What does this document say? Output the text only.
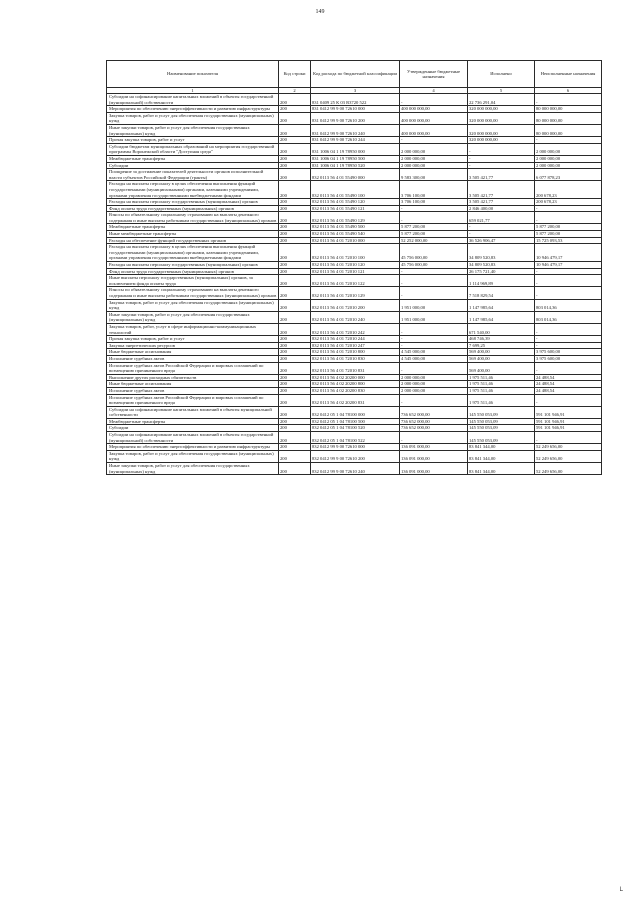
149
Наименование показателя	Код строки	Код расхода по бюджетной классификации	Утвержденные бюджетные назначения	Исполнено	Неисполненные назначения
1	2	3	4	5	6
Субсидии на софинансирование капитальных вложений в объекты государственной (муниципальной) собственности	200	831 0409 25 К 03 R3720 522	-	22 736 291,04	-
Мероприятия по обеспечению энергоэффективности и развитию инфраструктуры	200	831 0412 99 9 00 72610 000	400 000 000,00	320 000 000,00	80 000 000,00
Закупка товаров, работ и услуг для обеспечения государственных (муниципальных) нужд	200	831 0412 99 9 00 72610 200	400 000 000,00	320 000 000,00	80 000 000,00
Иные закупки товаров, работ и услуг для обеспечения государственных (муниципальных) нужд	200	831 0412 99 9 00 72610 240	400 000 000,00	320 000 000,00	80 000 000,00
Прочая закупка товаров, работ и услуг	200	831 0412 99 9 00 72610 244	-	320 000 000,00	-
Субсидии бюджетам муниципальных образований на мероприятия государственной программы Воронежской области "Доступная среда"	200	831 1006 04 1 19 78950 000	2 000 000,00	-	2 000 000,00
Межбюджетные трансферты	200	831 1006 04 1 19 78950 500	2 000 000,00	-	2 000 000,00
Субсидии	200	831 1006 04 1 19 78950 520	2 000 000,00	-	2 000 000,00
Поощрение за достижение показателей деятельности органов исполнительной власти субъектов Российской Федерации (гранты)	200	832 0113 56 4 01 55490 000	9 583 300,00	3 505 421,77	6 077 878,23
Расходы на выплаты персоналу в целях обеспечения выполнения функций государственными (муниципальными) органами, казенными учреждениями, органами управления государственными внебюджетными фондами	200	832 0113 56 4 01 55490 100	3 706 100,00	3 505 421,77	200 678,23
Расходы на выплаты персоналу государственных (муниципальных) органов	200	832 0113 56 4 01 55490 120	3 706 100,00	3 505 421,77	200 678,23
Фонд оплаты труда государственных (муниципальных) органов	200	832 0113 56 4 01 55490 121	-	2 846 400,00	-
Взносы по обязательному социальному страхованию на выплаты денежного содержания и иные выплаты работникам государственных (муниципальных) органов	200	832 0113 56 4 01 55490 129	-	659 021,77	-
Межбюджетные трансферты	200	832 0113 56 4 01 55490 500	5 877 200,00	-	5 877 200,00
Иные межбюджетные трансферты	200	832 0113 56 4 01 55490 540	5 877 200,00	-	5 877 200,00
Расходы на обеспечение функций государственных органов	200	832 0113 56 4 01 72010 000	52 252 000,00	36 526 906,47	15 725 093,53
Расходы на выплаты персоналу в целях обеспечения выполнения функций государственными (муниципальными) органами, казенными учреждениями, органами управления государственными внебюджетными фондами	200	832 0113 56 4 01 72010 100	45 756 000,00	34 809 520,83	10 946 479,17
Расходы на выплаты персоналу государственных (муниципальных) органов	200	832 0113 56 4 01 72010 120	45 756 000,00	34 809 520,83	10 946 479,17
Фонд оплаты труда государственных (муниципальных) органов	200	832 0113 56 4 01 72010 121	-	26 175 721,40	-
Иные выплаты персоналу государственных (муниципальных) органов, за исключением фонда оплаты труда	200	832 0113 56 4 01 72010 122	-	1 114 969,89	-
Взносы по обязательному социальному страхованию на выплаты денежного содержания и иные выплаты работникам государственных (муниципальных) органов	200	832 0113 56 4 01 72010 129	-	7 518 829,54	-
Закупка товаров, работ и услуг для обеспечения государственных (муниципальных) нужд	200	832 0113 56 4 01 72010 200	1 951 000,00	1 147 985,64	803 014,36
Иные закупки товаров, работ и услуг для обеспечения государственных (муниципальных) нужд	200	832 0113 56 4 01 72010 240	1 951 000,00	1 147 985,64	803 014,36
Закупка товаров, работ, услуг в сфере информационно-коммуникационных технологий	200	832 0113 56 4 01 72010 242	-	671 540,00	-
Прочая закупка товаров, работ и услуг	200	832 0113 56 4 01 72010 244	-	468 746,39	-
Закупка энергетических ресурсов	200	832 0113 56 4 01 72010 247	-	7 699,25	-
Иные бюджетные ассигнования	200	832 0113 56 4 01 72010 800	4 545 000,00	569 400,00	3 975 600,00
Исполнение судебных актов	200	832 0113 56 4 01 72010 830	4 545 000,00	569 400,00	3 975 600,00
Исполнение судебных актов Российской Федерации и мировых соглашений по возмещению причиненного вреда	200	832 0113 56 4 01 72010 831	-	569 400,00	-
Выполнение других расходных обязательств	200	832 0113 56 4 02 20200 000	2 000 000,00	1 975 511,46	24 488,54
Иные бюджетные ассигнования	200	832 0113 56 4 02 20200 800	2 000 000,00	1 975 511,46	24 488,54
Исполнение судебных актов	200	832 0113 56 4 02 20200 830	2 000 000,00	1 975 511,46	24 488,54
Исполнение судебных актов Российской Федерации и мировых соглашений по возмещению причиненного вреда	200	832 0113 56 4 02 20200 831	-	1 975 511,46	-
Субсидии на софинансирование капитальных вложений в объекты муниципальной собственности	200	832 0412 05 1 04 78100 000	736 652 000,00	145 550 053,09	591 101 946,91
Межбюджетные трансферты	200	832 0412 05 1 04 78100 500	736 652 000,00	145 550 053,09	591 101 946,91
Субсидии	200	832 0412 05 1 04 78100 520	736 652 000,00	145 550 053,09	591 101 946,91
Субсидии на софинансирование капитальных вложений в объекты государственной (муниципальной) собственности	200	832 0412 05 1 04 78100 522	-	145 550 053,09	-
Мероприятия по обеспечению энергоэффективности и развитию инфраструктуры	200	832 0412 99 9 00 72610 000	136 091 000,00	83 841 344,00	52 249 656,00
Закупка товаров, работ и услуг для обеспечения государственных (муниципальных) нужд	200	832 0412 99 9 00 72610 200	136 091 000,00	83 841 344,00	52 249 656,00
Иные закупки товаров, работ и услуг для обеспечения государственных (муниципальных) нужд	200	832 0412 99 9 00 72610 240	136 091 000,00	83 841 344,00	52 249 656,00
└
